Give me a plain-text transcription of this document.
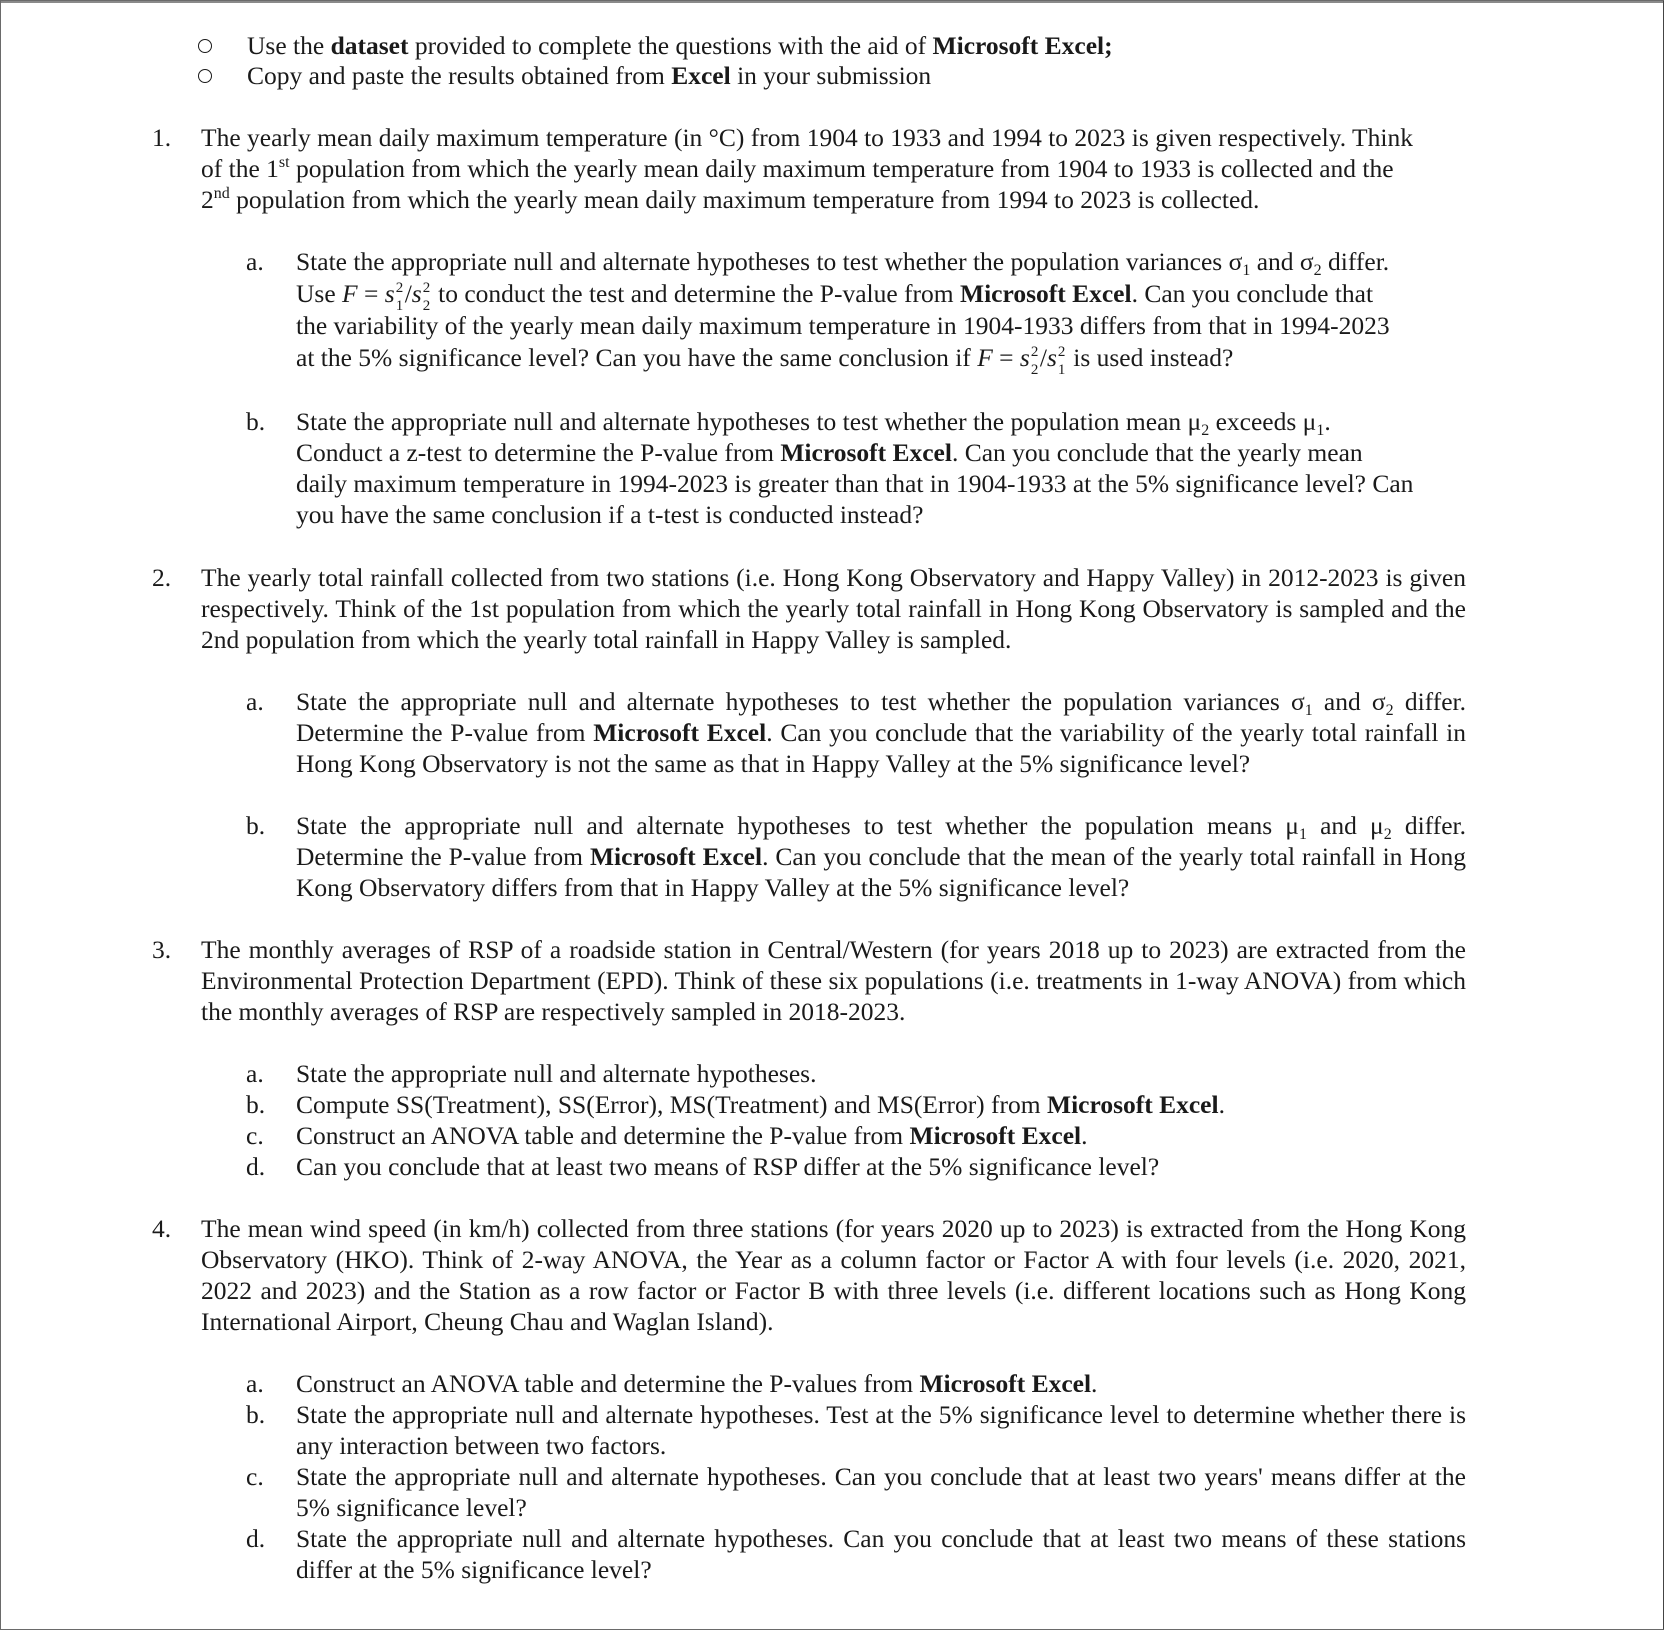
Use the dataset provided to complete the questions with the aid of Microsoft Excel;
Copy and paste the results obtained from Excel in your submission
1. The yearly mean daily maximum temperature (in °C) from 1904 to 1933 and 1994 to 2023 is given respectively. Think
of the 1st population from which the yearly mean daily maximum temperature from 1904 to 1933 is collected and the
2nd population from which the yearly mean daily maximum temperature from 1994 to 2023 is collected.
a. State the appropriate null and alternate hypotheses to test whether the population variances $\sigma_1$ and $\sigma_2$ differ.
Use F = s 2
1 /s 2
2 to conduct the test and determine the P-value from Microsoft Excel. Can you conclude that
the variability of the yearly mean daily maximum temperature in 1904-1933 differs from that in 1994-2023
at the 5% significance level? Can you have the same conclusion if F = s 2
2 /s 2
1 is used instead?
b. State the appropriate null and alternate hypotheses to test whether the population mean $\mu_2$ exceeds $\mu_1$.
Conduct a z-test to determine the P-value from Microsoft Excel. Can you conclude that the yearly mean
daily maximum temperature in 1994-2023 is greater than that in 1904-1933 at the 5% significance level? Can
you have the same conclusion if a t-test is conducted instead?
2. The yearly total rainfall collected from two stations (i.e. Hong Kong Observatory and Happy Valley) in 2012-2023 is given respectively. Think of the 1st population from which the yearly total rainfall in Hong Kong Observatory is sampled and the 2nd population from which the yearly total rainfall in Happy Valley is sampled.
a. State the appropriate null and alternate hypotheses to test whether the population variances $\sigma_1$ and $\sigma_2$ differ. Determine the P-value from Microsoft Excel. Can you conclude that the variability of the yearly total rainfall in Hong Kong Observatory is not the same as that in Happy Valley at the 5% significance level?
b. State the appropriate null and alternate hypotheses to test whether the population means $\mu_1$ and $\mu_2$ differ. Determine the P-value from Microsoft Excel. Can you conclude that the mean of the yearly total rainfall in Hong Kong Observatory differs from that in Happy Valley at the 5% significance level?
3. The monthly averages of RSP of a roadside station in Central/Western (for years 2018 up to 2023) are extracted from the Environmental Protection Department (EPD). Think of these six populations (i.e. treatments in 1-way ANOVA) from which the monthly averages of RSP are respectively sampled in 2018-2023.
a. State the appropriate null and alternate hypotheses.
b. Compute SS(Treatment), SS(Error), MS(Treatment) and MS(Error) from Microsoft Excel.
c. Construct an ANOVA table and determine the P-value from Microsoft Excel.
d. Can you conclude that at least two means of RSP differ at the 5% significance level?
4. The mean wind speed (in km/h) collected from three stations (for years 2020 up to 2023) is extracted from the Hong Kong Observatory (HKO). Think of 2-way ANOVA, the Year as a column factor or Factor A with four levels (i.e. 2020, 2021, 2022 and 2023) and the Station as a row factor or Factor B with three levels (i.e. different locations such as Hong Kong International Airport, Cheung Chau and Waglan Island).
a. Construct an ANOVA table and determine the P-values from Microsoft Excel.
b. State the appropriate null and alternate hypotheses. Test at the 5% significance level to determine whether there is any interaction between two factors.
c. State the appropriate null and alternate hypotheses. Can you conclude that at least two years' means differ at the 5% significance level?
d. State the appropriate null and alternate hypotheses. Can you conclude that at least two means of these stations differ at the 5% significance level?
